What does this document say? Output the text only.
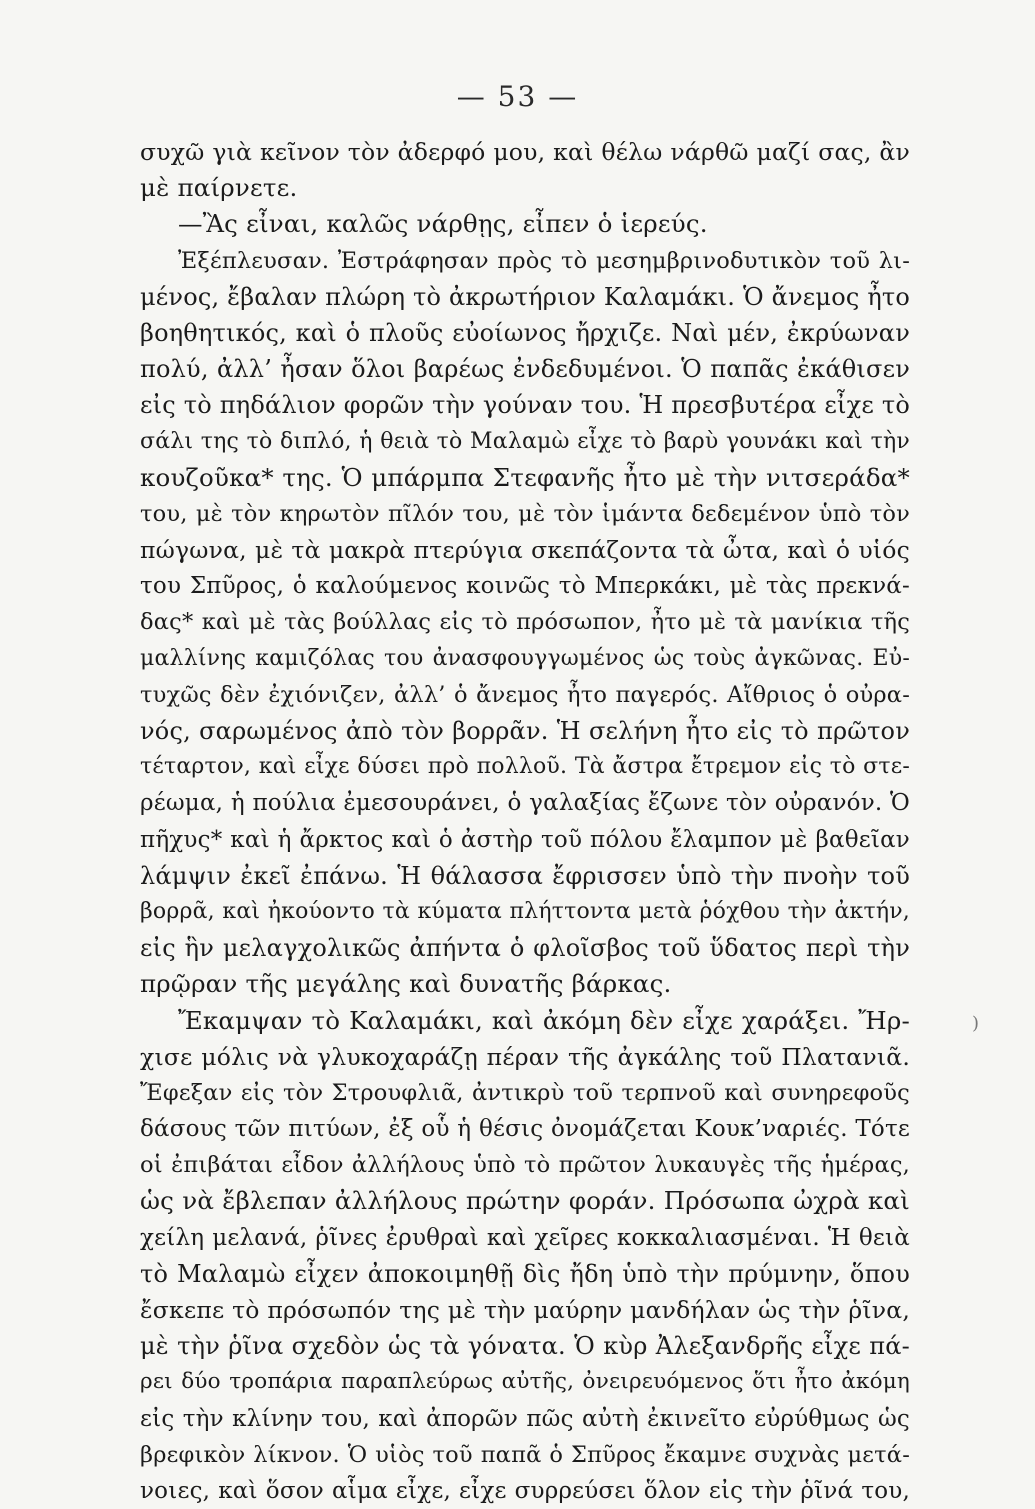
— 53 —
συχῶ γιὰ κεῖνον τὸν ἀδερφό μου, καὶ θέλω νάρθῶ μαζί σας, ἂν
μὲ παίρνετε.
—Ἂς εἶναι, καλῶς νάρθῃς, εἶπεν ὁ ἱερεύς.
Ἐξέπλευσαν. Ἐστράφησαν πρὸς τὸ μεσημβρινοδυτικὸν τοῦ λι-
μένος, ἔβαλαν πλώρη τὸ ἀκρωτήριον Καλαμάκι. Ὁ ἄνεμος ἦτο
βοηθητικός, καὶ ὁ πλοῦς εὐοίωνος ἤρχιζε. Ναὶ μέν, ἐκρύωναν
πολύ, ἀλλ’ ἦσαν ὅλοι βαρέως ἐνδεδυμένοι. Ὁ παπᾶς ἐκάθισεν
εἰς τὸ πηδάλιον φορῶν τὴν γούναν του. Ἡ πρεσβυτέρα εἶχε τὸ
σάλι της τὸ διπλό, ἡ θειὰ τὸ Μαλαμὼ εἶχε τὸ βαρὺ γουνάκι καὶ τὴν
κουζοῦκα* της. Ὁ μπάρμπα Στεφανῆς ἦτο μὲ τὴν νιτσεράδα*
του, μὲ τὸν κηρωτὸν πῖλόν του, μὲ τὸν ἱμάντα δεδεμένον ὑπὸ τὸν
πώγωνα, μὲ τὰ μακρὰ πτερύγια σκεπάζοντα τὰ ὦτα, καὶ ὁ υἱός
του Σπῦρος, ὁ καλούμενος κοινῶς τὸ Μπερκάκι, μὲ τὰς πρεκνά-
δας* καὶ μὲ τὰς βούλλας εἰς τὸ πρόσωπον, ἦτο μὲ τὰ μανίκια τῆς
μαλλίνης καμιζόλας του ἀνασφουγγωμένος ὡς τοὺς ἀγκῶνας. Εὐ-
τυχῶς δὲν ἐχιόνιζεν, ἀλλ’ ὁ ἄνεμος ἦτο παγερός. Αἴθριος ὁ οὐρα-
νός, σαρωμένος ἀπὸ τὸν βορρᾶν. Ἡ σελήνη ἦτο εἰς τὸ πρῶτον
τέταρτον, καὶ εἶχε δύσει πρὸ πολλοῦ. Τὰ ἄστρα ἔτρεμον εἰς τὸ στε-
ρέωμα, ἡ πούλια ἐμεσουράνει, ὁ γαλαξίας ἔζωνε τὸν οὐρανόν. Ὁ
πῆχυς* καὶ ἡ ἄρκτος καὶ ὁ ἀστὴρ τοῦ πόλου ἔλαμπον μὲ βαθεῖαν
λάμψιν ἐκεῖ ἐπάνω. Ἡ θάλασσα ἔφρισσεν ὑπὸ τὴν πνοὴν τοῦ
βορρᾶ, καὶ ἠκούοντο τὰ κύματα πλήττοντα μετὰ ῥόχθου τὴν ἀκτήν,
εἰς ἣν μελαγχολικῶς ἀπήντα ὁ φλοῖσβος τοῦ ὕδατος περὶ τὴν
πρῷραν τῆς μεγάλης καὶ δυνατῆς βάρκας.
Ἔκαμψαν τὸ Καλαμάκι, καὶ ἀκόμη δὲν εἶχε χαράξει. Ἤρ-
χισε μόλις νὰ γλυκοχαράζῃ πέραν τῆς ἀγκάλης τοῦ Πλατανιᾶ.
Ἔφεξαν εἰς τὸν Στρουφλιᾶ, ἀντικρὺ τοῦ τερπνοῦ καὶ συνηρεφοῦς
δάσους τῶν πιτύων, ἐξ οὗ ἡ θέσις ὀνομάζεται Κουκ’ναριές. Τότε
οἱ ἐπιβάται εἶδον ἀλλήλους ὑπὸ τὸ πρῶτον λυκαυγὲς τῆς ἡμέρας,
ὡς νὰ ἔβλεπαν ἀλλήλους πρώτην φοράν. Πρόσωπα ὠχρὰ καὶ
χείλη μελανά, ῥῖνες ἐρυθραὶ καὶ χεῖρες κοκκαλιασμέναι. Ἡ θειὰ
τὸ Μαλαμὼ εἶχεν ἀποκοιμηθῇ δὶς ἤδη ὑπὸ τὴν πρύμνην, ὅπου
ἔσκεπε τὸ πρόσωπόν της μὲ τὴν μαύρην μανδήλαν ὡς τὴν ῥῖνα,
μὲ τὴν ῥῖνα σχεδὸν ὡς τὰ γόνατα. Ὁ κὺρ Ἀλεξανδρῆς εἶχε πά-
ρει δύο τροπάρια παραπλεύρως αὐτῆς, ὀνειρευόμενος ὅτι ἦτο ἀκόμη
εἰς τὴν κλίνην του, καὶ ἀπορῶν πῶς αὐτὴ ἐκινεῖτο εὐρύθμως ὡς
βρεφικὸν λίκνον. Ὁ υἱὸς τοῦ παπᾶ ὁ Σπῦρος ἔκαμνε συχνὰς μετά-
νοιες, καὶ ὅσον αἷμα εἶχε, εἶχε συρρεύσει ὅλον εἰς τὴν ῥῖνά του,
)
